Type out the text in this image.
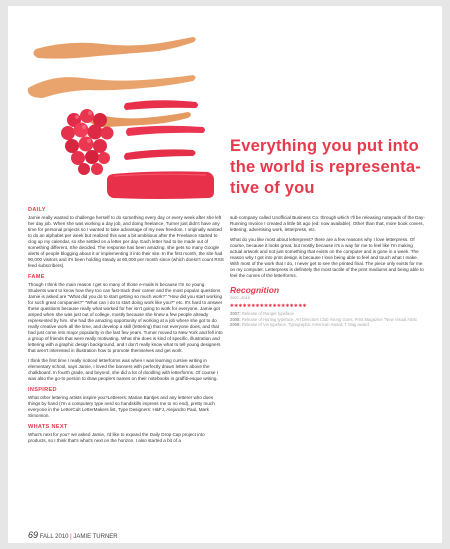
Everything you put into
the world is representa-
tive of you
DAILY

Jamie really wanted to challenge herself to do something every day or every week after she left her day job. When she was working a day job, and doing freelance, Turner just didn't have any time for personal projects so I wanted to take advantage of my new freedom. I originally wanted to do an alphabet per week but realized this was a bit ambitious after the Freelance started to clog up my calendar, so she settled on a letter per day. Each letter had to be made out of something different, She decided. The response has been amazing. she gets so many Google alerts of people blogging about it or implementing it into their site. In the first month, the site had 90,000 visitors and it's been holding steady at 60,000 per month since (which doesn't count RSS feed subscribers).

FAME

Though I think the main reason I get so many of those e-mails is because I'm so young. Students want to know how they too can fast-track their career and the most popular questions Jamie is asked are "What did you do to start getting so much work?" "How did you start working for such great companies?" "What can I do to start doing work like you?" etc. It's hard to answer these questions because really what worked for her isn't going to work for everyone. Jamie got amped when she was just out of college, mostly because she knew a few people already represented by him. she had the amazing opportunity of working at a job where she got to do really creative work all the time, and develop a skill (lettering) that not everyone does, and that had just come into major popularity in the last few years. Turner moved to New York and fell into a group of friends that were really motivating. What she does is kind of specific, illustration and lettering with a graphic design background, and I don't really know what to tell young designers that aren't interested in illustration how to promote themselves and get work.

I think the first time I really noticed letterforms was when I was learning cursive writing in elementary school, says Jamie, I loved the banners with perfectly drawn letters above the chalkboard. In fourth grade, and beyond, she did a lot of doodling with letterforms. Of course I was also the go-to person to draw people's names on their notebooks in graffiti-esque writing.

INSPIRED

What other lettering artists inspire you?Letterers: Marian Bantjes and any letterer who does things by hand (I'm a computery type nerd so handskills impress me to no end), pretty much everyone in the LetterCult LetterMakers list, Type Designers: H&FJ, Alejandro Paul, Mark Simonson.

WHATS NEXT

What's next for you? we asked Jamie, I'd like to expand the Daily Drop Cap project into products, so I think that's what's next on the horizon. I also started a bit of a

sub-company called Unofficial Business Co. through which I'll be releasing notepads of the Day-Running Invoice I created a little bit ago (ed: now available). Other than that, more book covers, lettering, advertising work, letterpress, etc.

What do you like most about letterpress? there are a few reasons why I love letterpress. Of course, because it looks great, but mostly because it's a way for me to feel like I'm making actual artwork and not just something that exists on the computer and is gone in a week. The reason why I got into print design is because I love being able to feel and touch what I make. With most of the work that I do, I never get to see the printed final. The piece only exists for me on my computer. Letterpress is definitely the most tactile of the print mediums and being able to feel the curves of the letterforms.

Recognition
2007–2010
✱✱✱✱✱✱✱✱✱✱✱✱✱✱✱✱✱✱
2007: Release of Ranger typeface
2008: Release of Harling typeface, Art Directors Club Young Guns, Print Magazine "New Visual Artist
2009: Release of Vix typeface, Typographic American Award, T Mag award.
69 FALL 2010 | JAMIE TURNER
